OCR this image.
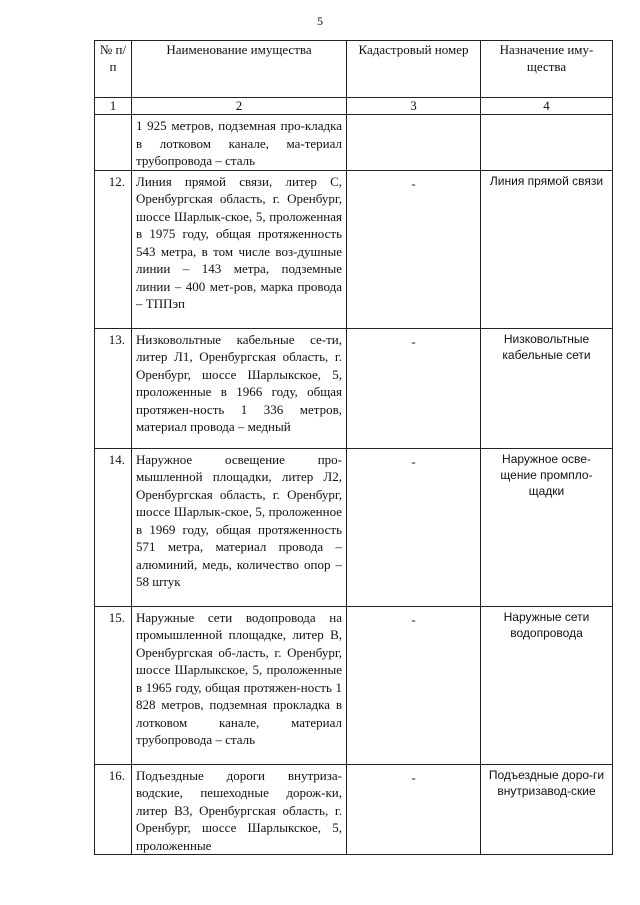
5
№ п/п	Наименование имущества	Кадастровый номер	Назначение иму-щества
1	2	3	4
	1 925 метров, подземная про-кладка в лотковом канале, ма-териал трубопровода – сталь		
12.	Линия прямой связи, литер С, Оренбургская область, г. Оренбург, шоссе Шарлык-ское, 5, проложенная в 1975 году, общая протяженность 543 метра, в том числе воз-душные линии – 143 метра, подземные линии – 400 мет-ров, марка провода – ТППэп	-	Линия прямой связи
13.	Низковольтные кабельные се-ти, литер Л1, Оренбургская область, г. Оренбург, шоссе Шарлыкское, 5, проложенные в 1966 году, общая протяжен-ность 1 336 метров, материал провода – медный	-	Низковольтные кабельные сети
14.	Наружное освещение про-мышленной площадки, литер Л2, Оренбургская область, г. Оренбург, шоссе Шарлык-ское, 5, проложенное в 1969 году, общая протяженность 571 метра, материал провода – алюминий, медь, количество опор – 58 штук	-	Наружное осве-щение промпло-щадки
15.	Наружные сети водопровода на промышленной площадке, литер В, Оренбургская об-ласть, г. Оренбург, шоссе Шарлыкское, 5, проложенные в 1965 году, общая протяжен-ность 1 828 метров, подземная прокладка в лотковом канале, материал трубопровода – сталь	-	Наружные сети водопровода
16.	Подъездные дороги внутриза-водские, пешеходные дорож-ки, литер В3, Оренбургская область, г. Оренбург, шоссе Шарлыкское, 5, проложенные	-	Подъездные доро-ги внутризавод-ские
